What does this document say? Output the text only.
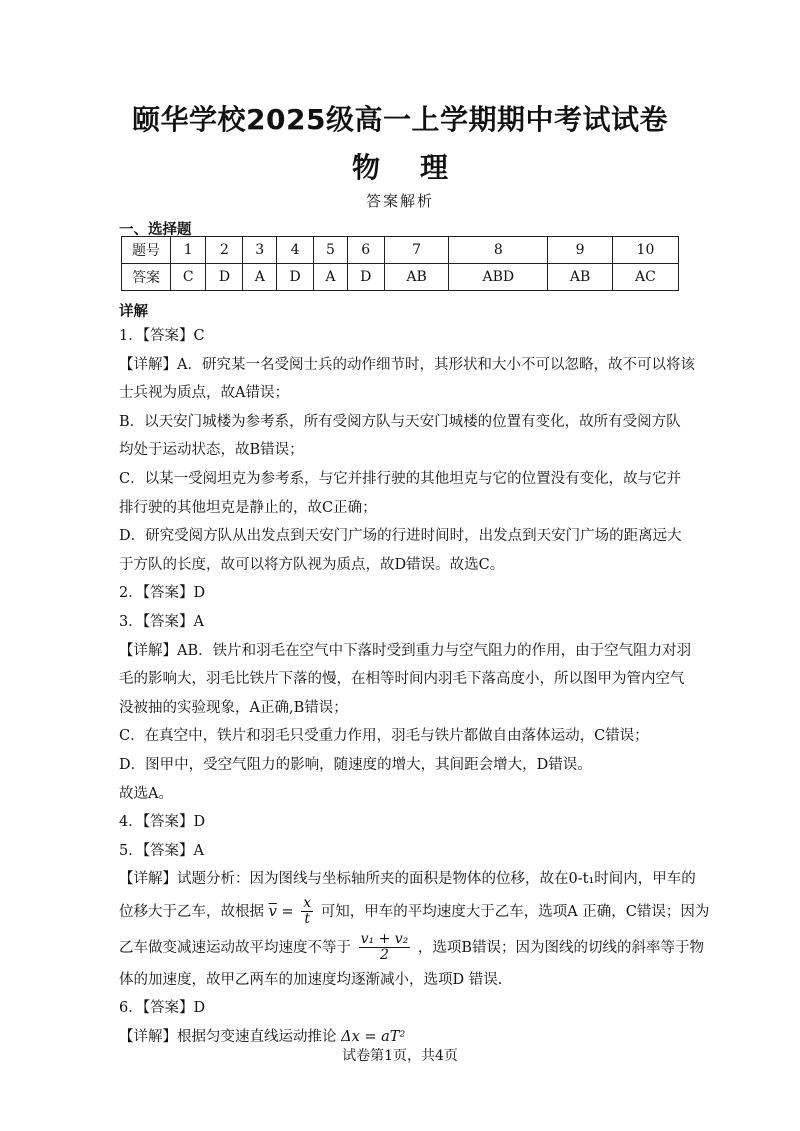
颐华学校2025级高一上学期期中考试试卷
物理
答案解析
一、选择题
题号	1	2	3	4	5	6	7	8	9	10
答案	C	D	A	D	A	D	AB	ABD	AB	AC
详解
1．【答案】C
【详解】A．研究某一名受阅士兵的动作细节时，其形状和大小不可以忽略，故不可以将该
士兵视为质点，故A错误；
B．以天安门城楼为参考系，所有受阅方队与天安门城楼的位置有变化，故所有受阅方队
均处于运动状态，故B错误；
C．以某一受阅坦克为参考系，与它并排行驶的其他坦克与它的位置没有变化，故与它并
排行驶的其他坦克是静止的，故C正确；
D．研究受阅方队从出发点到天安门广场的行进时间时，出发点到天安门广场的距离远大
于方队的长度，故可以将方队视为质点，故D错误。故选C。
2．【答案】D
3．【答案】A
【详解】AB．铁片和羽毛在空气中下落时受到重力与空气阻力的作用，由于空气阻力对羽
毛的影响大，羽毛比铁片下落的慢，在相等时间内羽毛下落高度小，所以图甲为管内空气
没被抽的实验现象，A正确,B错误；
C．在真空中，铁片和羽毛只受重力作用，羽毛与铁片都做自由落体运动，C错误；
D．图甲中，受空气阻力的影响，随速度的增大，其间距会增大，D错误。
故选A。
4．【答案】D
5．【答案】A
【详解】试题分析：因为图线与坐标轴所夹的面积是物体的位移，故在0-t₁时间内，甲车的
位移大于乙车，故根据 $\overline{v} = \frac{x}{t}$ 可知，甲车的平均速度大于乙车，选项A 正确，C错误；因为
乙车做变减速运动故平均速度不等于 $\frac{\text{v₁ + v₂}}{2}$ ，选项B错误；因为图线的切线的斜率等于物
体的加速度，故甲乙两车的加速度均逐渐减小，选项D 错误.
6．【答案】D
【详解】根据匀变速直线运动推论 Δx = aT²
试卷第1页，共4页
